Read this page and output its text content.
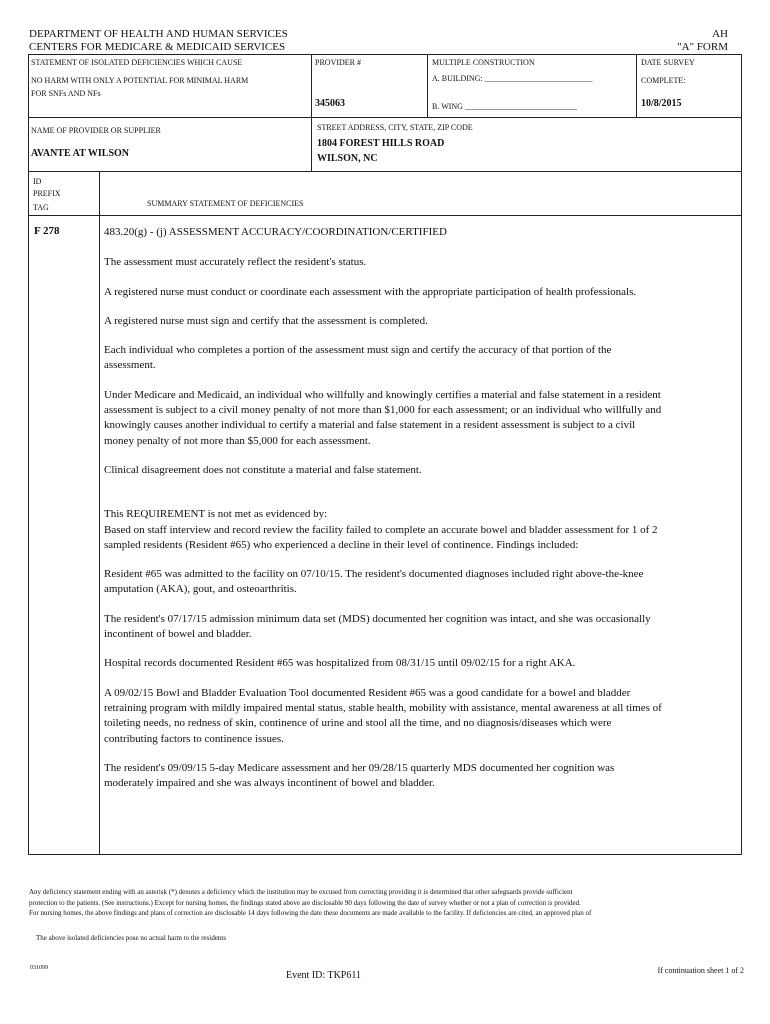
DEPARTMENT OF HEALTH AND HUMAN SERVICES
CENTERS FOR MEDICARE & MEDICAID SERVICES
AH
"A" FORM
STATEMENT OF ISOLATED DEFICIENCIES WHICH CAUSE
NO HARM WITH ONLY A POTENTIAL FOR MINIMAL HARM
FOR SNFs AND NFs
PROVIDER #
345063
MULTIPLE CONSTRUCTION
A. BUILDING: ___________________________
B. WING ____________________________
DATE SURVEY
COMPLETE:
10/8/2015
NAME OF PROVIDER OR SUPPLIER
AVANTE AT WILSON
STREET ADDRESS, CITY, STATE, ZIP CODE
1804 FOREST HILLS ROAD
WILSON, NC
ID
PREFIX
TAG	SUMMARY STATEMENT OF DEFICIENCIES
F 278	483.20(g) - (j) ASSESSMENT ACCURACY/COORDINATION/CERTIFIED

The assessment must accurately reflect the resident's status.

A registered nurse must conduct or coordinate each assessment with the appropriate participation of health professionals.

A registered nurse must sign and certify that the assessment is completed.

Each individual who completes a portion of the assessment must sign and certify the accuracy of that portion of the assessment.

Under Medicare and Medicaid, an individual who willfully and knowingly certifies a material and false statement in a resident assessment is subject to a civil money penalty of not more than $1,000 for each assessment; or an individual who willfully and knowingly causes another individual to certify a material and false statement in a resident assessment is subject to a civil money penalty of not more than $5,000 for each assessment.

Clinical disagreement does not constitute a material and false statement.

This REQUIREMENT is not met as evidenced by:

Based on staff interview and record review the facility failed to complete an accurate bowel and bladder assessment for 1 of 2 sampled residents (Resident #65) who experienced a decline in their level of continence. Findings included:

Resident #65 was admitted to the facility on 07/10/15. The resident's documented diagnoses included right above-the-knee amputation (AKA), gout, and osteoarthritis.

The resident's 07/17/15 admission minimum data set (MDS) documented her cognition was intact, and she was occasionally incontinent of bowel and bladder.

Hospital records documented Resident #65 was hospitalized from 08/31/15 until 09/02/15 for a right AKA.

A 09/02/15 Bowl and Bladder Evaluation Tool documented Resident #65 was a good candidate for a bowel and bladder retraining program with mildly impaired mental status, stable health, mobility with assistance, mental awareness at all times of toileting needs, no redness of skin, continence of urine and stool all the time, and no diagnosis/diseases which were contributing factors to continence issues.

The resident's 09/09/15 5-day Medicare assessment and her 09/28/15 quarterly MDS documented her cognition was moderately impaired and she was always incontinent of bowel and bladder.

Any deficiency statement ending with an asterisk (*) denotes a deficiency which the institution may be excused from correcting providing it is determined that other safeguards provide sufficient
protection to the patients. (See instructions.) Except for nursing homes, the findings stated above are disclosable 90 days following the date of survey whether or not a plan of correction is provided.
For nursing homes, the above findings and plans of correction are disclosable 14 days following the date these documents are made available to the facility. If deficiencies are cited, an approved plan of
The above isolated deficiencies pose no actual harm to the residents
031099
Event ID: TKP611	If continuation sheet 1 of 2
